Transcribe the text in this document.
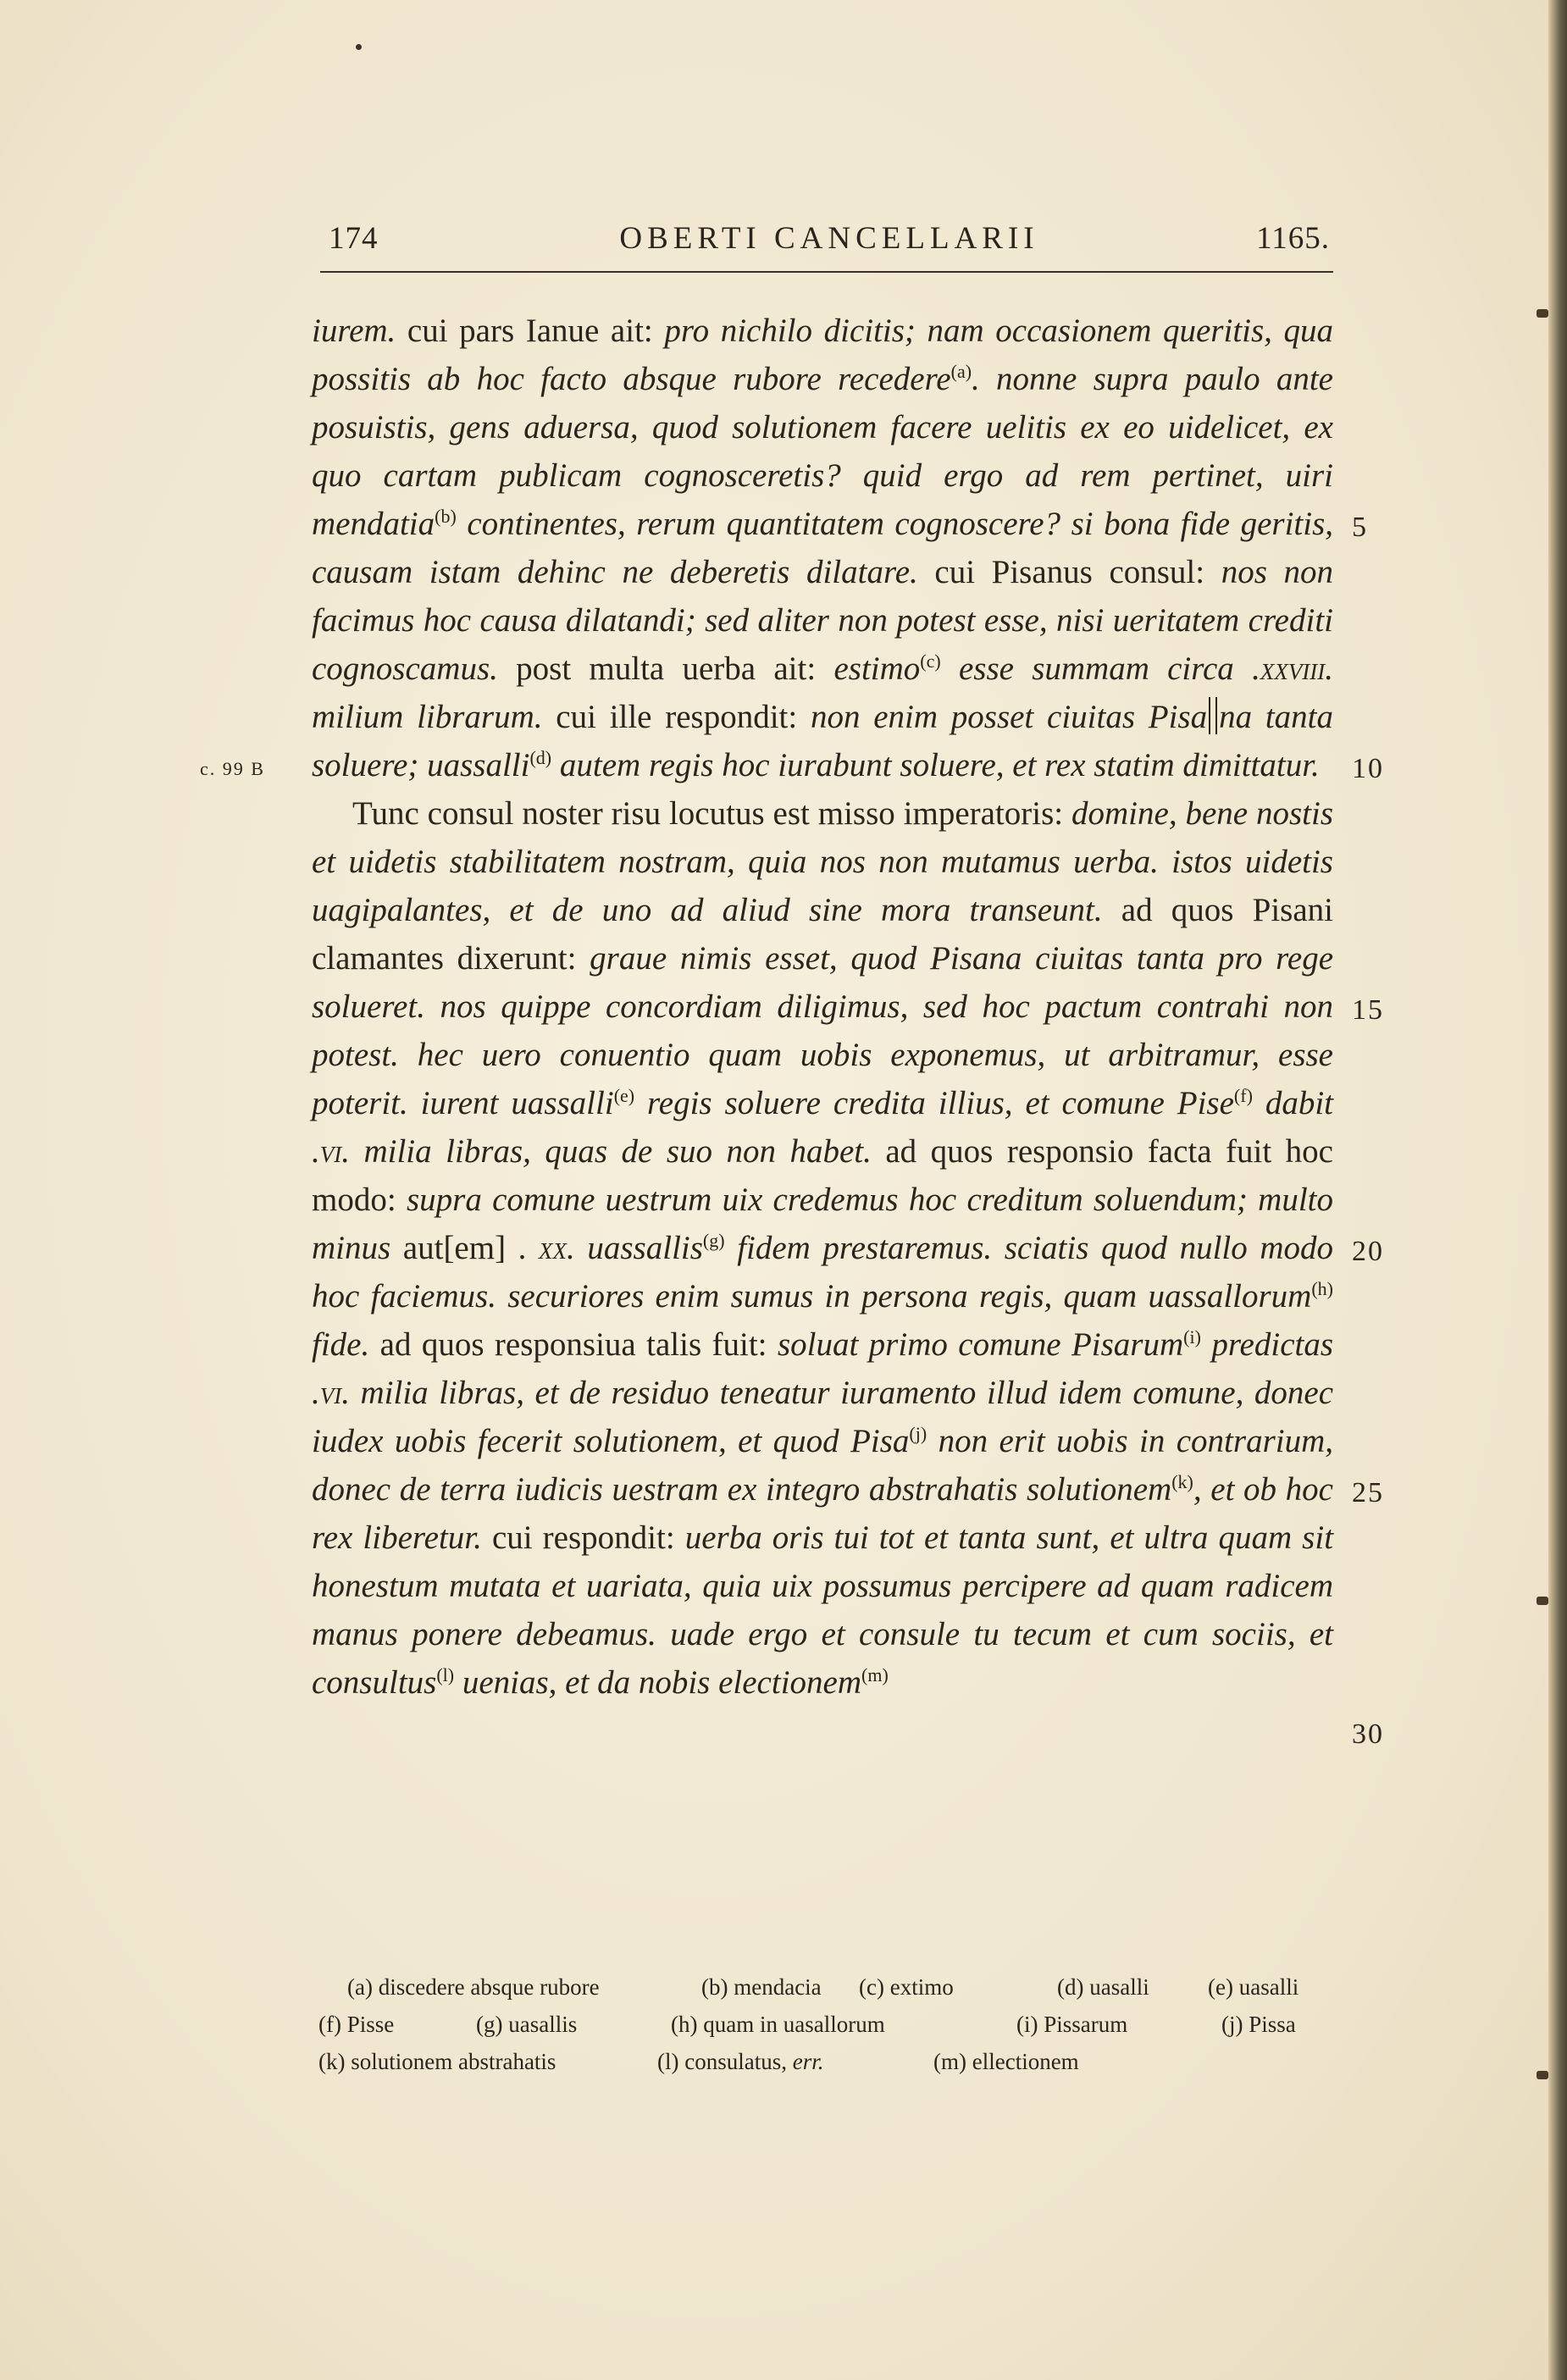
174	OBERTI CANCELLARII	1165.
c. 99 B
5
10
15
20
25
30

iurem. cui pars Ianue ait: pro nichilo dicitis; nam occasionem queritis, qua possitis ab hoc facto absque rubore recedere$^{(a)}$. nonne supra paulo ante posuistis, gens aduersa, quod solutionem facere uelitis ex eo uidelicet, ex quo cartam publicam cognosceretis? quid ergo ad rem pertinet, uiri mendatia$^{(b)}$ continentes, rerum quantitatem cognoscere? si bona fide geritis, causam istam dehinc ne deberetis dilatare. cui Pisanus consul: nos non facimus hoc causa dilatandi; sed aliter non potest esse, nisi ueritatem crediti cognoscamus. post multa uerba ait: estimo$^{(c)}$ esse summam circa .xxviii. milium librarum. cui ille respondit: non enim posset ciuitas Pisa na tanta soluere; uassalli$^{(d)}$ autem regis hoc iurabunt soluere, et rex statim dimittatur.

Tunc consul noster risu locutus est misso imperatoris: domine, bene nostis et uidetis stabilitatem nostram, quia nos non mutamus uerba. istos uidetis uagipalantes, et de uno ad aliud sine mora transeunt. ad quos Pisani clamantes dixerunt: graue nimis esset, quod Pisana ciuitas tanta pro rege solueret. nos quippe concordiam diligimus, sed hoc pactum contrahi non potest. hec uero conuentio quam uobis exponemus, ut arbitramur, esse poterit. iurent uassalli$^{(e)}$ regis soluere credita illius, et comune Pise$^{(f)}$ dabit .vi. milia libras, quas de suo non habet. ad quos responsio facta fuit hoc modo: supra comune uestrum uix credemus hoc creditum soluendum; multo minus aut[em] . xx. uassallis$^{(g)}$ fidem prestaremus. sciatis quod nullo modo hoc faciemus. securiores enim sumus in persona regis, quam uassallorum$^{(h)}$ fide. ad quos responsiua talis fuit: soluat primo comune Pisarum$^{(i)}$ predictas .vi. milia libras, et de residuo teneatur iuramento illud idem comune, donec iudex uobis fecerit solutionem, et quod Pisa$^{(j)}$ non erit uobis in contrarium, donec de terra iudicis uestram ex integro abstrahatis solutionem$^{(k)}$, et ob hoc rex liberetur. cui respondit: uerba oris tui tot et tanta sunt, et ultra quam sit honestum mutata et uariata, quia uix possumus percipere ad quam radicem manus ponere debeamus. uade ergo et consule tu tecum et cum sociis, et consultus$^{(l)}$ uenias, et da nobis electionem$^{(m)}$

(a) discedere absque rubore	(b) mendacia (c) extimo	(d) uasalli	(e) uasalli
(f) Pisse	(g) uasallis	(h) quam in uasallorum	(i) Pissarum	(j) Pissa
(k) solutionem abstrahatis	(l) consulatus, err.	(m) ellectionem
